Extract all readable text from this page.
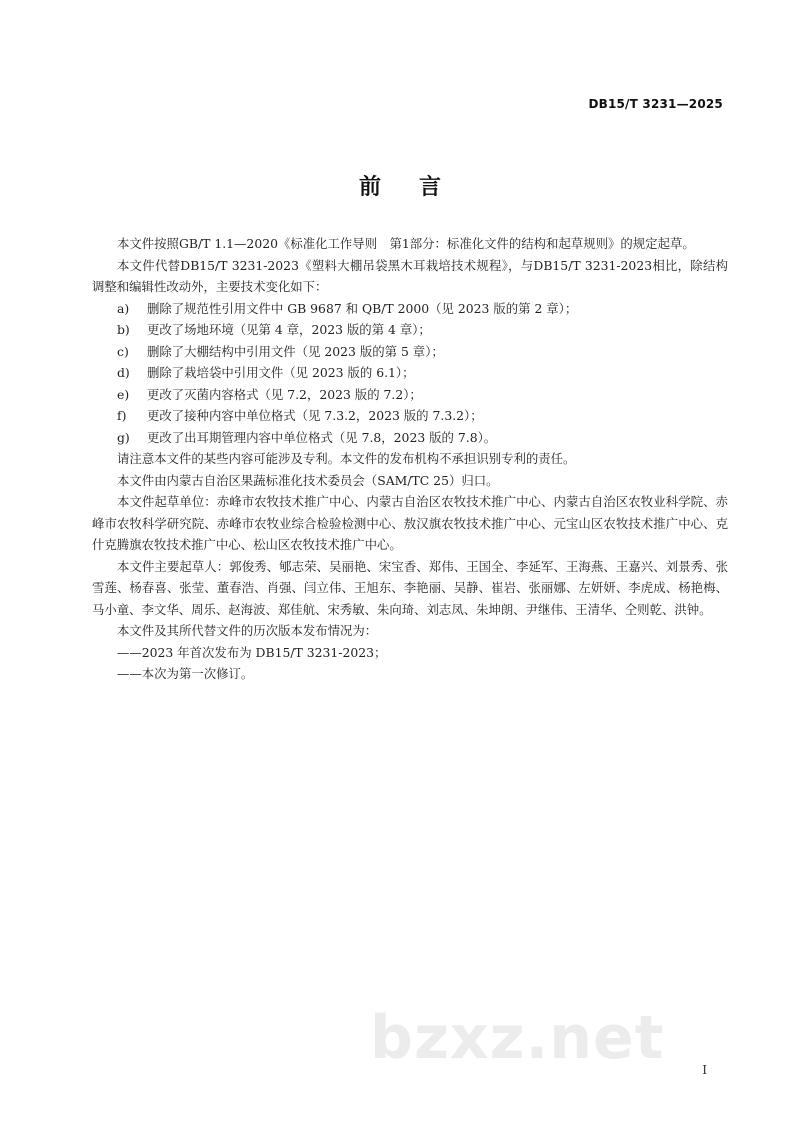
DB15/T 3231—2025
前 言

本文件按照GB/T 1.1—2020《标准化工作导则　第1部分：标准化文件的结构和起草规则》的规定起草。

本文件代替DB15/T 3231-2023《塑料大棚吊袋黑木耳栽培技术规程》，与DB15/T 3231-2023相比，除结构调整和编辑性改动外，主要技术变化如下：

a) 删除了规范性引用文件中 GB 9687 和 QB/T 2000（见 2023 版的第 2 章）；

b) 更改了场地环境（见第 4 章，2023 版的第 4 章）；

c) 删除了大棚结构中引用文件（见 2023 版的第 5 章）；

d) 删除了栽培袋中引用文件（见 2023 版的 6.1）；

e) 更改了灭菌内容格式（见 7.2，2023 版的 7.2）；

f) 更改了接种内容中单位格式（见 7.3.2，2023 版的 7.3.2）；

g) 更改了出耳期管理内容中单位格式（见 7.8，2023 版的 7.8）。

请注意本文件的某些内容可能涉及专利。本文件的发布机构不承担识别专利的责任。

本文件由内蒙古自治区果蔬标准化技术委员会（SAM/TC 25）归口。

本文件起草单位：赤峰市农牧技术推广中心、内蒙古自治区农牧技术推广中心、内蒙古自治区农牧业科学院、赤峰市农牧科学研究院、赤峰市农牧业综合检验检测中心、敖汉旗农牧技术推广中心、元宝山区农牧技术推广中心、克什克腾旗农牧技术推广中心、松山区农牧技术推广中心。

本文件主要起草人：郭俊秀、郇志荣、吴丽艳、宋宝香、郑伟、王国全、李延军、王海燕、王嘉兴、刘景秀、张雪莲、杨春喜、张莹、董春浩、肖强、闫立伟、王旭东、李艳丽、吴静、崔岩、张丽娜、左妍妍、李虎成、杨艳梅、马小童、李文华、周乐、赵海波、郑佳航、宋秀敏、朱向琦、刘志凤、朱坤朗、尹继伟、王清华、仝则乾、洪钟。

本文件及其所代替文件的历次版本发布情况为：

——2023 年首次发布为 DB15/T 3231-2023；

——本次为第一次修订。

bzxz.net	I
